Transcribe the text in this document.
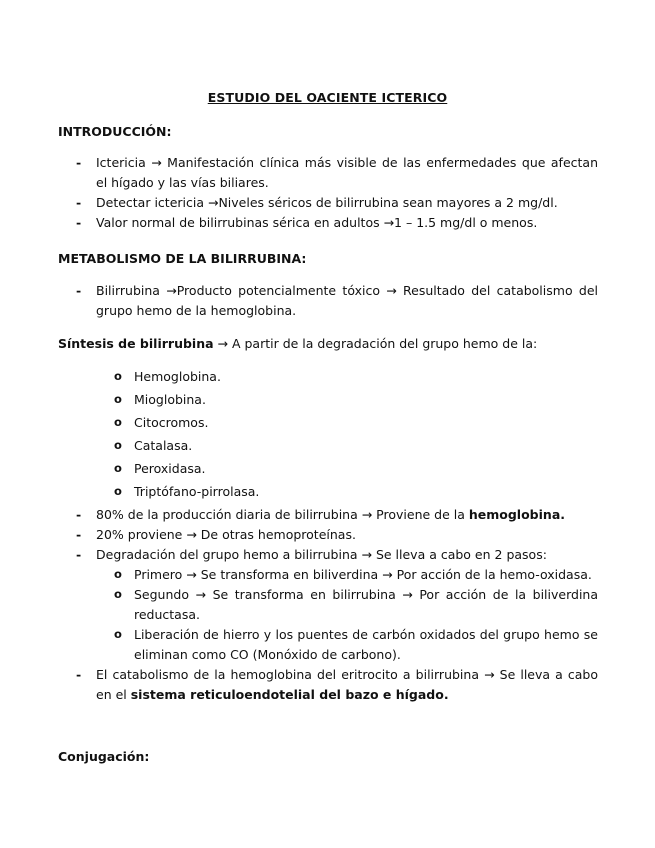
ESTUDIO DEL OACIENTE ICTERICO
INTRODUCCIÓN:
- Ictericia → Manifestación clínica más visible de las enfermedades que afectan el hígado y las vías biliares.
- Detectar ictericia →Niveles séricos de bilirrubina sean mayores a 2 mg/dl.
- Valor normal de bilirrubinas sérica en adultos →1 – 1.5 mg/dl o menos.
METABOLISMO DE LA BILIRRUBINA:
- Bilirrubina →Producto potencialmente tóxico → Resultado del catabolismo del grupo hemo de la hemoglobina.
Síntesis de bilirrubina → A partir de la degradación del grupo hemo de la:
o Hemoglobina.
o Mioglobina.
o Citocromos.
o Catalasa.
o Peroxidasa.
o Triptófano-pirrolasa.
- 80% de la producción diaria de bilirrubina → Proviene de la hemoglobina.
- 20% proviene → De otras hemoproteínas.
- Degradación del grupo hemo a bilirrubina → Se lleva a cabo en 2 pasos:
o Primero → Se transforma en biliverdina → Por acción de la hemo-oxidasa.
o Segundo → Se transforma en bilirrubina → Por acción de la biliverdina reductasa.
o Liberación de hierro y los puentes de carbón oxidados del grupo hemo se eliminan como CO (Monóxido de carbono).
- El catabolismo de la hemoglobina del eritrocito a bilirrubina → Se lleva a cabo en el sistema reticuloendotelial del bazo e hígado.
Conjugación:
